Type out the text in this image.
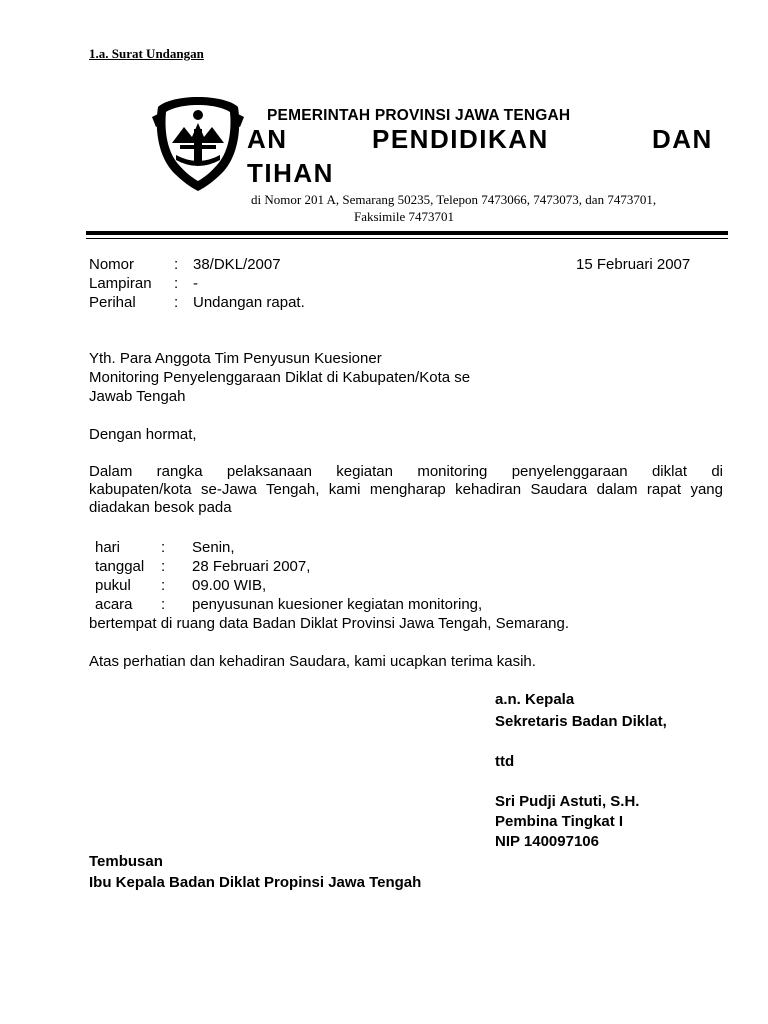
1.a. Surat Undangan
PEMERINTAH PROVINSI JAWA TENGAH
AN	PENDIDIKAN	DAN
TIHAN
di Nomor 201 A, Semarang 50235, Telepon 7473066, 7473073, dan 7473701,
Faksimile 7473701
Nomor	: 38/DKL/2007	15 Februari 2007
Lampiran : -
Perihal	: Undangan rapat.
Yth. Para Anggota Tim Penyusun Kuesioner
Monitoring Penyelenggaraan Diklat di Kabupaten/Kota se
Jawab Tengah
Dengan hormat,
Dalam rangka pelaksanaan kegiatan monitoring penyelenggaraan diklat di
kabupaten/kota se-Jawa Tengah, kami mengharap kehadiran Saudara dalam rapat yang
diadakan besok pada
hari	: Senin,
tanggal : 28 Februari 2007,
pukul : 09.00 WIB,
acara : penyusunan kuesioner kegiatan monitoring,
bertempat di ruang data Badan Diklat Provinsi Jawa Tengah, Semarang.
Atas perhatian dan kehadiran Saudara, kami ucapkan terima kasih.
a.n. Kepala
Sekretaris Badan Diklat,
ttd
Sri Pudji Astuti, S.H.
Pembina Tingkat I
NIP 140097106
Tembusan
Ibu Kepala Badan Diklat Propinsi Jawa Tengah
